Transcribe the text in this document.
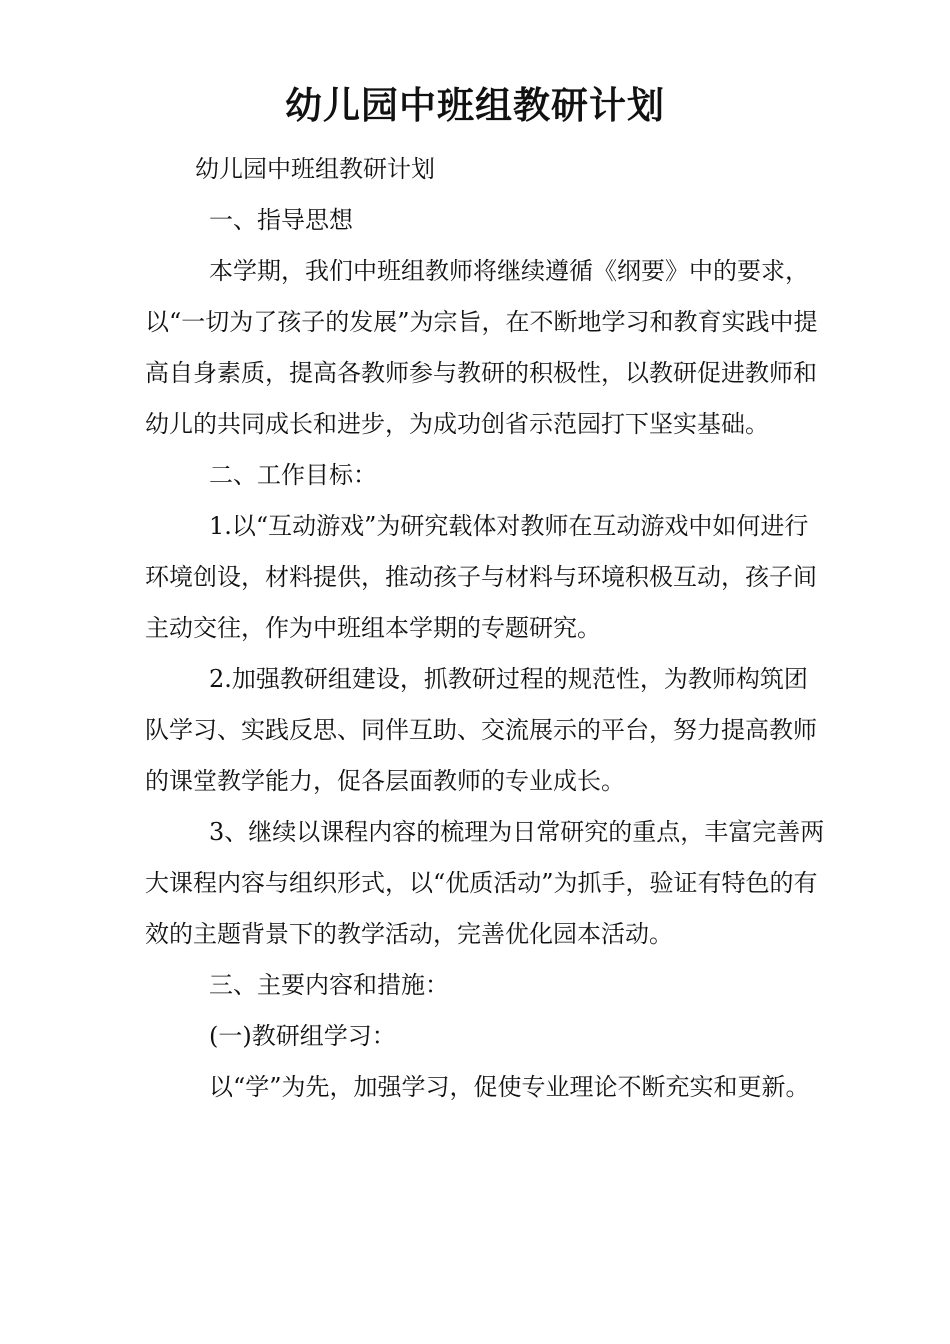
幼儿园中班组教研计划

幼儿园中班组教研计划

一、指导思想

本学期，我们中班组教师将继续遵循《纲要》中的要求，以“一切为了孩子的发展”为宗旨，在不断地学习和教育实践中提高自身素质，提高各教师参与教研的积极性，以教研促进教师和幼儿的共同成长和进步，为成功创省示范园打下坚实基础。

二、工作目标：

1.以“互动游戏”为研究载体对教师在互动游戏中如何进行环境创设，材料提供，推动孩子与材料与环境积极互动，孩子间主动交往，作为中班组本学期的专题研究。

2.加强教研组建设，抓教研过程的规范性，为教师构筑团队学习、实践反思、同伴互助、交流展示的平台，努力提高教师的课堂教学能力，促各层面教师的专业成长。

3、继续以课程内容的梳理为日常研究的重点，丰富完善两大课程内容与组织形式，以“优质活动”为抓手，验证有特色的有效的主题背景下的教学活动，完善优化园本活动。

三、主要内容和措施：

(一)教研组学习：

以“学”为先，加强学习，促使专业理论不断充实和更新。
